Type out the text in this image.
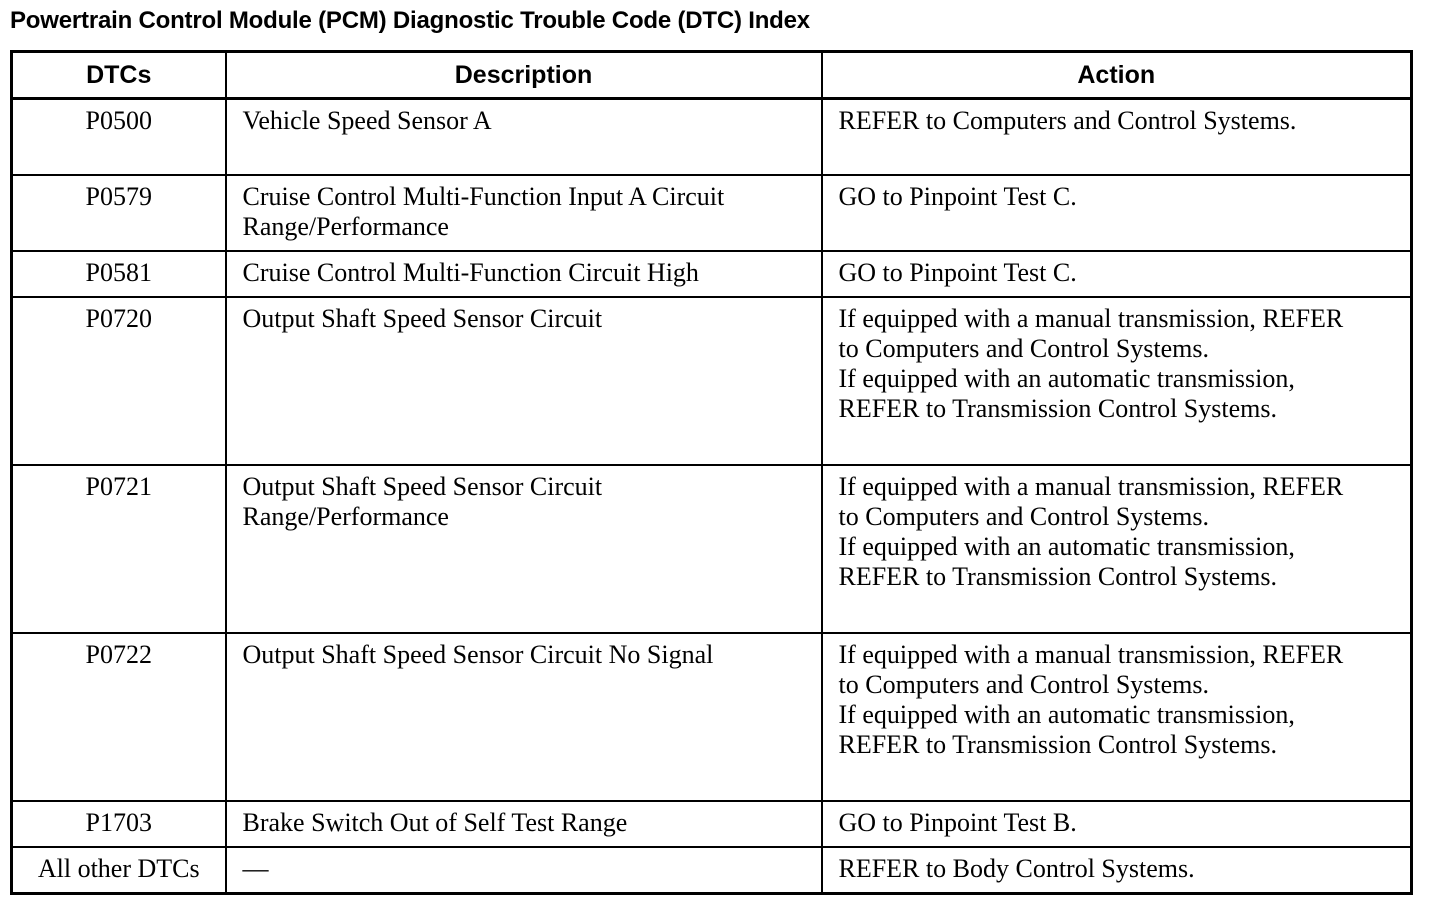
Powertrain Control Module (PCM) Diagnostic Trouble Code (DTC) Index
DTCs	Description	Action
P0500	Vehicle Speed Sensor A	REFER to Computers and Control Systems.
P0579	Cruise Control Multi-Function Input A Circuit
Range/Performance	GO to Pinpoint Test C.
P0581	Cruise Control Multi-Function Circuit High	GO to Pinpoint Test C.
P0720	Output Shaft Speed Sensor Circuit	If equipped with a manual transmission, REFER
to Computers and Control Systems.
If equipped with an automatic transmission,
REFER to Transmission Control Systems.
P0721	Output Shaft Speed Sensor Circuit
Range/Performance	If equipped with a manual transmission, REFER
to Computers and Control Systems.
If equipped with an automatic transmission,
REFER to Transmission Control Systems.
P0722	Output Shaft Speed Sensor Circuit No Signal	If equipped with a manual transmission, REFER
to Computers and Control Systems.
If equipped with an automatic transmission,
REFER to Transmission Control Systems.
P1703	Brake Switch Out of Self Test Range	GO to Pinpoint Test B.
All other DTCs	—	REFER to Body Control Systems.
